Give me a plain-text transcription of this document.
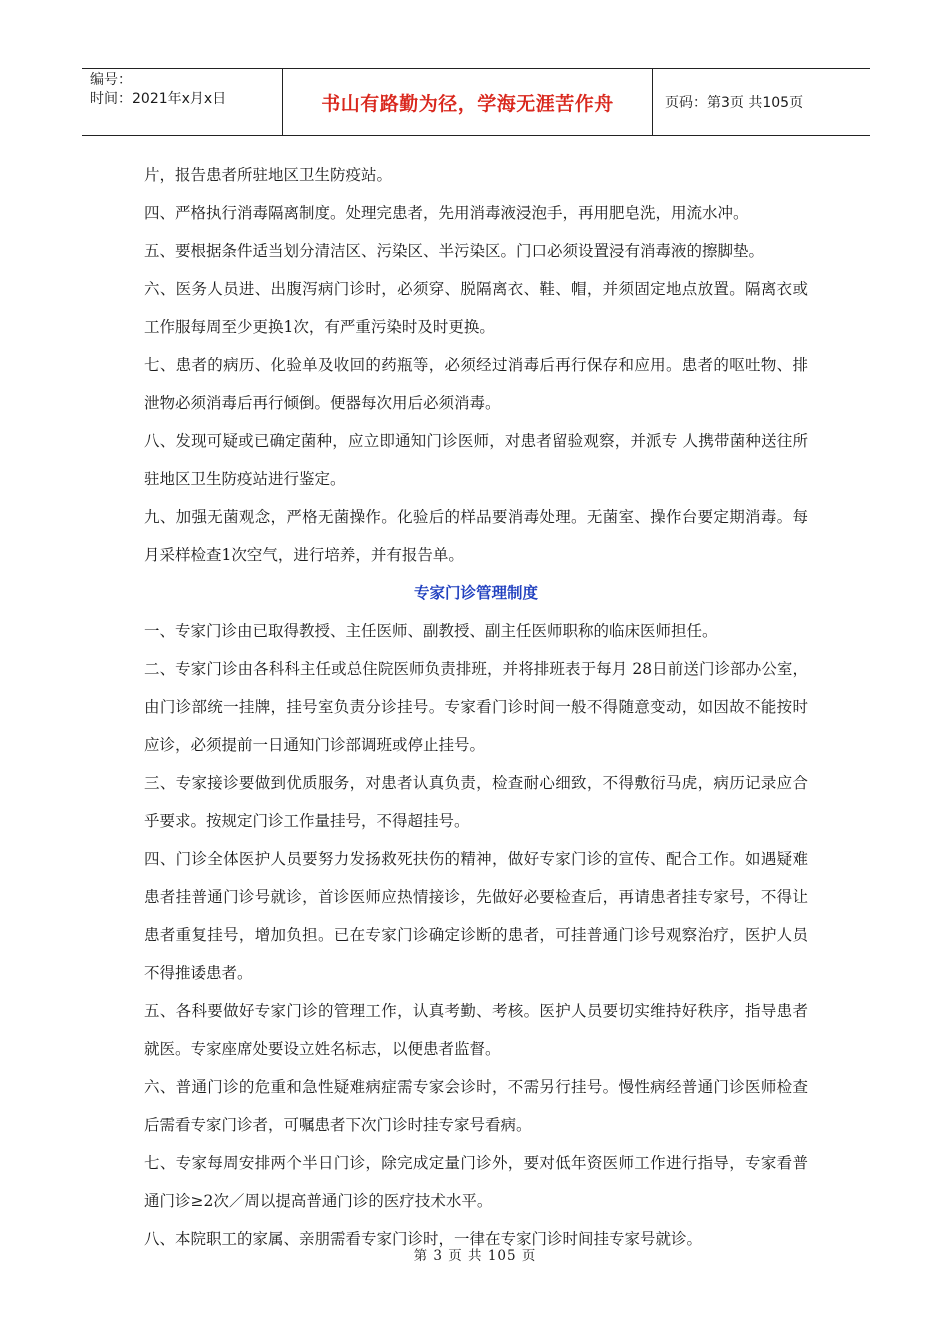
编号：
时间：2021年x月x日	书山有路勤为径，学海无涯苦作舟	页码：第3页 共105页

片，报告患者所驻地区卫生防疫站。

四、严格执行消毒隔离制度。处理完患者，先用消毒液浸泡手，再用肥皂洗，用流水冲。

五、要根据条件适当划分清洁区、污染区、半污染区。门口必须设置浸有消毒液的擦脚垫。

六、医务人员进、出腹泻病门诊时，必须穿、脱隔离衣、鞋、帽，并须固定地点放置。隔离衣或工作服每周至少更换1次，有严重污染时及时更换。

七、患者的病历、化验单及收回的药瓶等，必须经过消毒后再行保存和应用。患者的呕吐物、排泄物必须消毒后再行倾倒。便器每次用后必须消毒。

八、发现可疑或已确定菌种，应立即通知门诊医师，对患者留验观察，并派专 人携带菌种送往所驻地区卫生防疫站进行鉴定。

九、加强无菌观念，严格无菌操作。化验后的样品要消毒处理。无菌室、操作台要定期消毒。每月采样检查1次空气，进行培养，并有报告单。

专家门诊管理制度

一、专家门诊由已取得教授、主任医师、副教授、副主任医师职称的临床医师担任。

二、专家门诊由各科科主任或总住院医师负责排班，并将排班表于每月 28日前送门诊部办公室，由门诊部统一挂牌，挂号室负责分诊挂号。专家看门诊时间一般不得随意变动，如因故不能按时应诊，必须提前一日通知门诊部调班或停止挂号。

三、专家接诊要做到优质服务，对患者认真负责，检查耐心细致，不得敷衍马虎，病历记录应合乎要求。按规定门诊工作量挂号，不得超挂号。

四、门诊全体医护人员要努力发扬救死扶伤的精神，做好专家门诊的宣传、配合工作。如遇疑难患者挂普通门诊号就诊，首诊医师应热情接诊，先做好必要检查后，再请患者挂专家号，不得让患者重复挂号，增加负担。已在专家门诊确定诊断的患者，可挂普通门诊号观察治疗，医护人员不得推诿患者。

五、各科要做好专家门诊的管理工作，认真考勤、考核。医护人员要切实维持好秩序，指导患者就医。专家座席处要设立姓名标志，以便患者监督。

六、普通门诊的危重和急性疑难病症需专家会诊时，不需另行挂号。慢性病经普通门诊医师检查后需看专家门诊者，可嘱患者下次门诊时挂专家号看病。

七、专家每周安排两个半日门诊，除完成定量门诊外，要对低年资医师工作进行指导，专家看普通门诊≥2次／周以提高普通门诊的医疗技术水平。

八、本院职工的家属、亲朋需看专家门诊时，一律在专家门诊时间挂专家号就诊。

第 3 页 共 105 页
